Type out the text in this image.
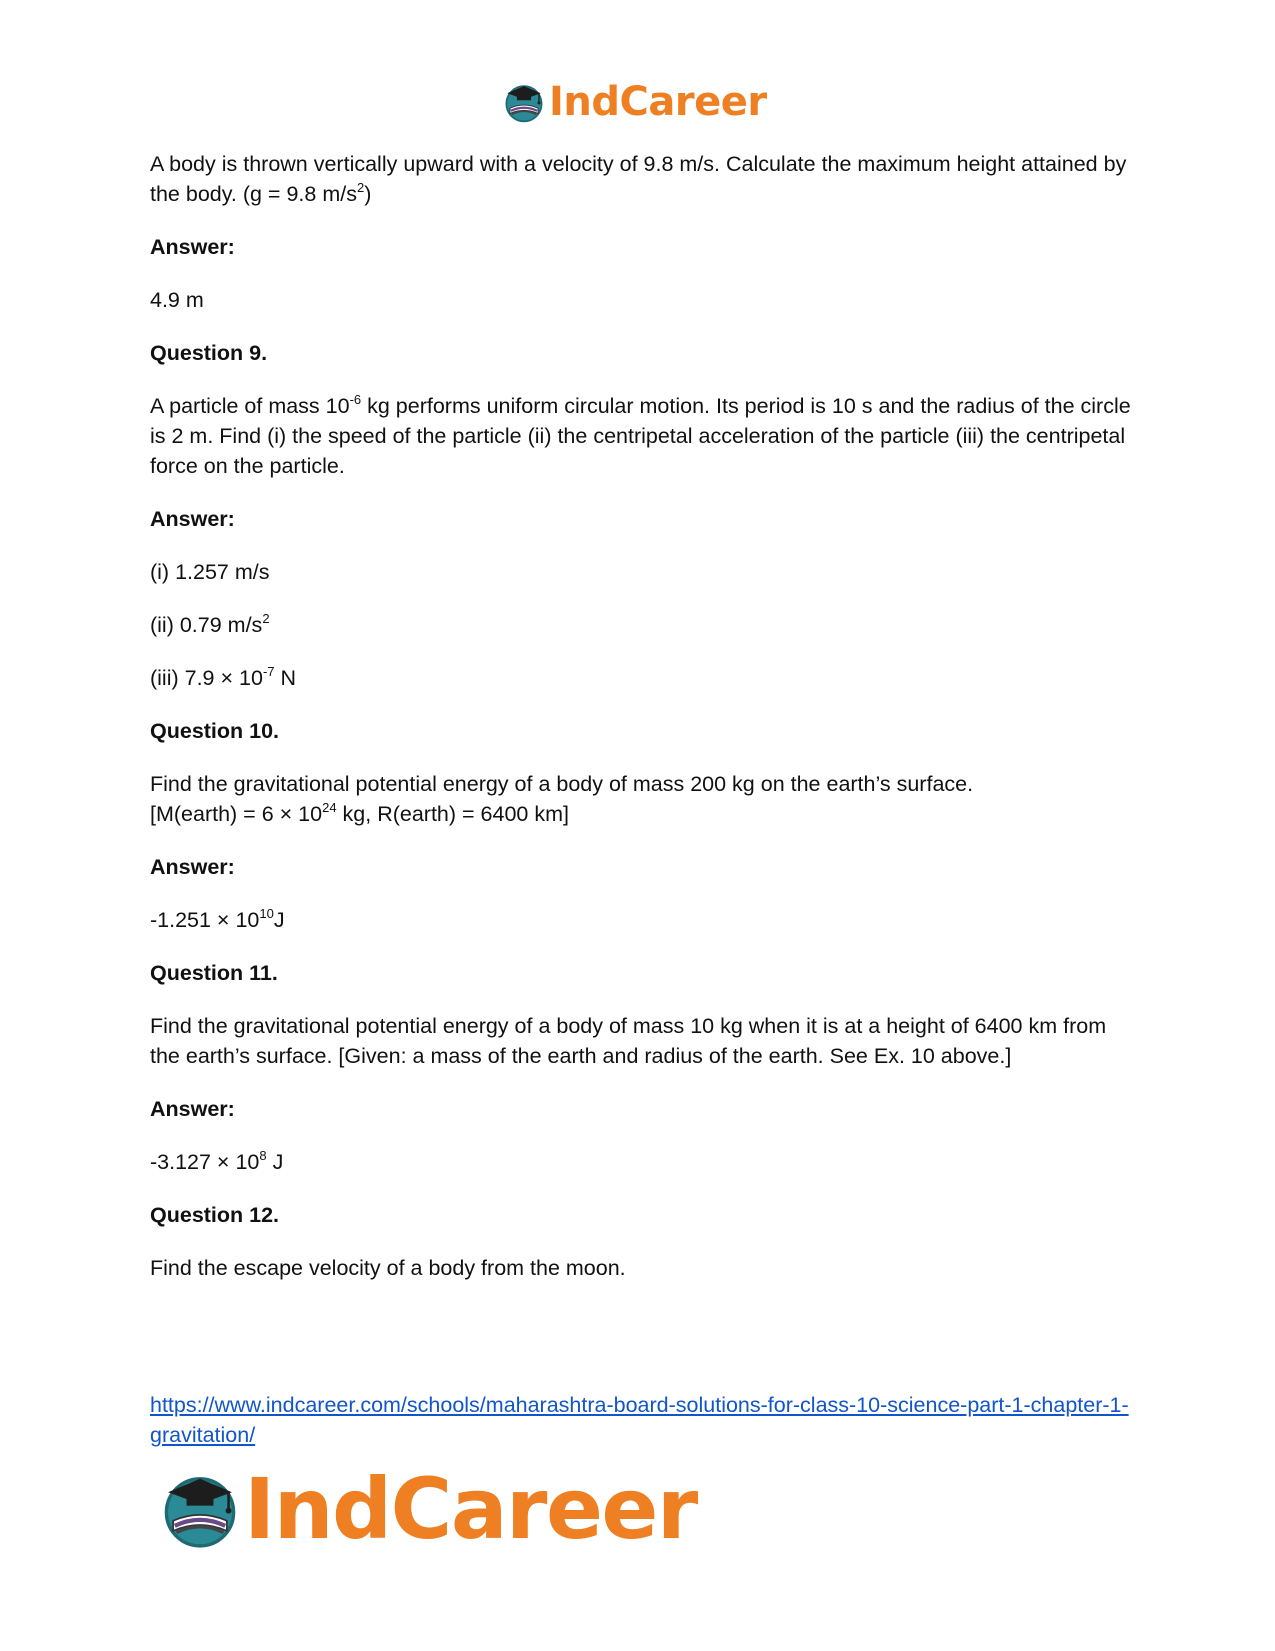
IndCareer

A body is thrown vertically upward with a velocity of 9.8 m/s. Calculate the maximum height attained by the body. (g = 9.8 $m/s^2$)

Answer:

4.9 m

Question 9.

A particle of mass $10^{-6}$ kg performs uniform circular motion. Its period is 10 s and the radius of the circle is 2 m. Find (i) the speed of the particle (ii) the centripetal acceleration of the particle (iii) the centripetal force on the particle.

Answer:

(i) 1.257 m/s

(ii) 0.79 $m/s^2$

(iii) $7.9 \times 10^{-7}$ N

Question 10.

Find the gravitational potential energy of a body of mass 200 kg on the earth’s surface.
[M(earth) = $6 \times 10^{24}$ kg, R(earth) = 6400 km]

Answer:

$-1.251 \times 10^{10}J$

Question 11.

Find the gravitational potential energy of a body of mass 10 kg when it is at a height of 6400 km from the earth’s surface. [Given: a mass of the earth and radius of the earth. See Ex. 10 above.]

Answer:

$-3.127 \times 10^8$ J

Question 12.

Find the escape velocity of a body from the moon.

https://www.indcareer.com/schools/maharashtra-board-solutions-for-class-10-science-part-1-chapter-1-gravitation/
IndCareer
